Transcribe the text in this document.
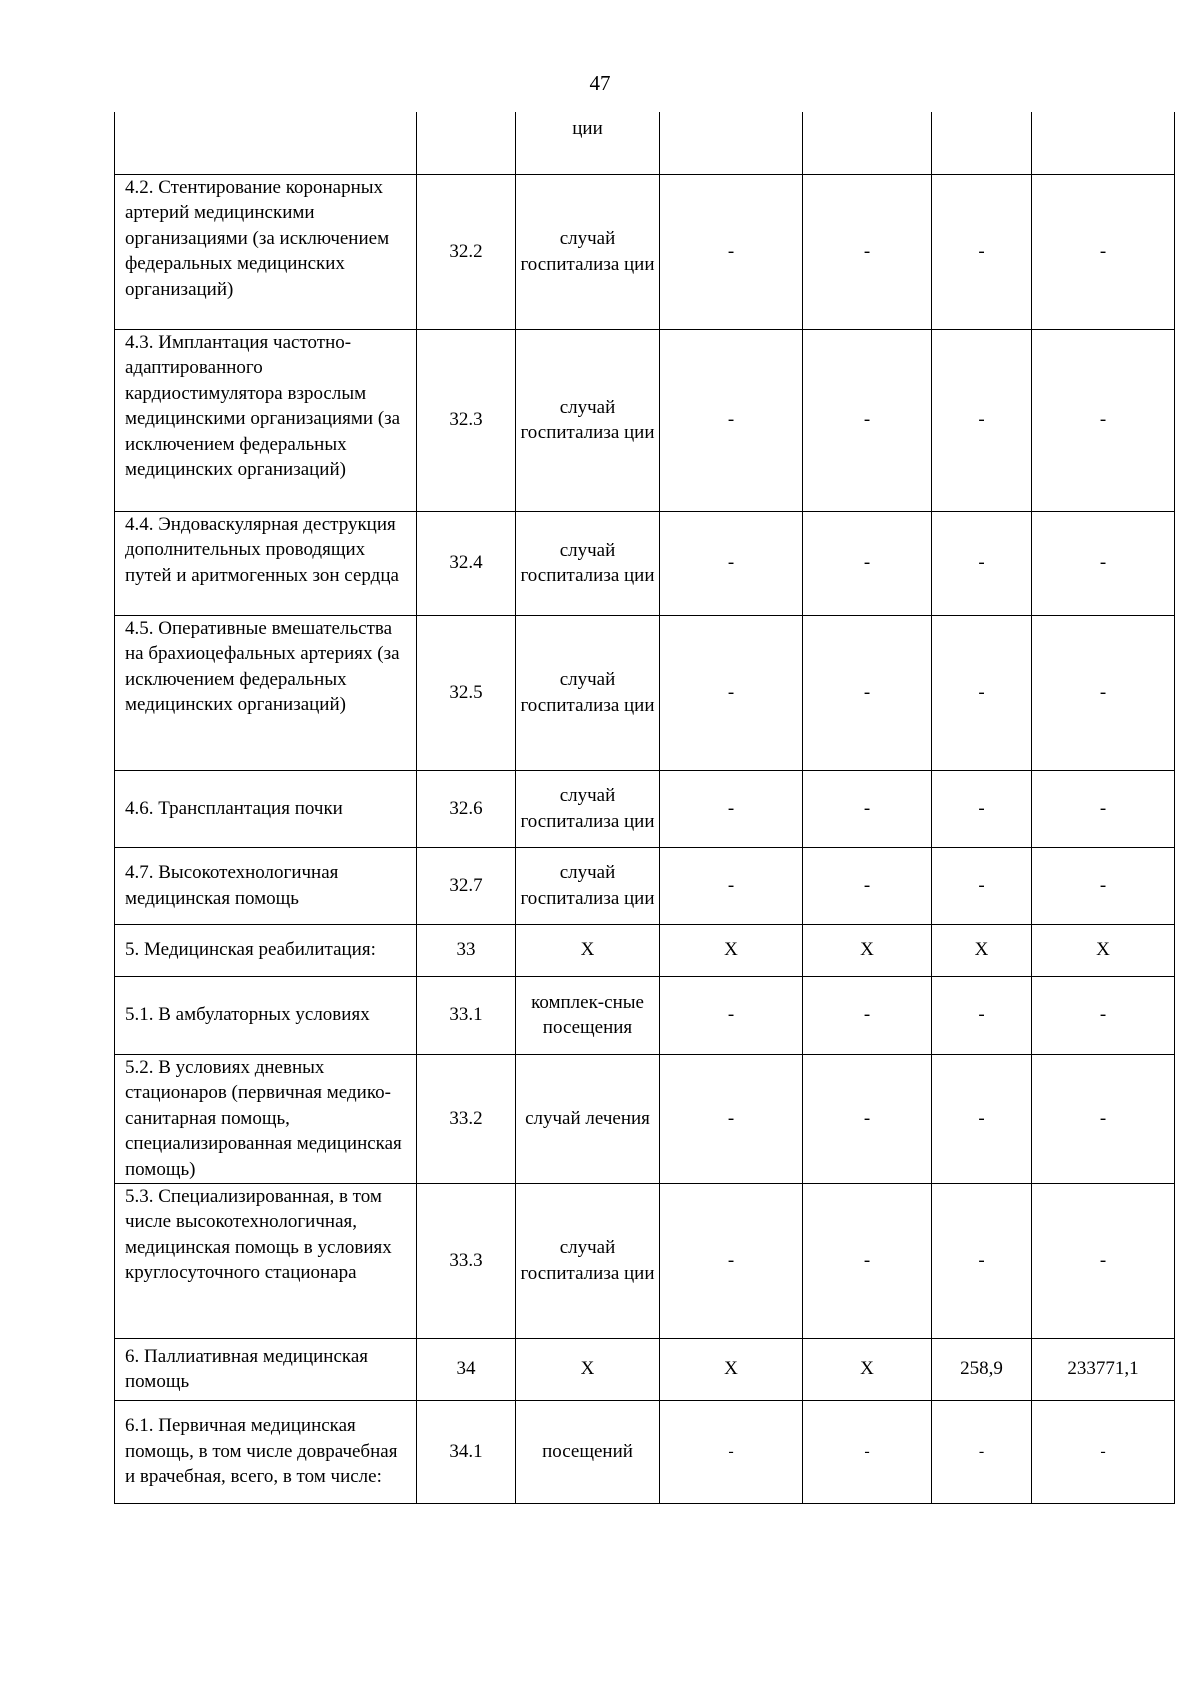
47
		ции				
4.2. Стентирование коронарных артерий медицинскими организациями (за исключением федеральных медицинских организаций)	32.2	случай госпитализа ции	-	-	-	-
4.3. Имплантация частотно-адаптированного кардиостимулятора взрослым медицинскими организациями (за исключением федеральных медицинских организаций)	32.3	случай госпитализа ции	-	-	-	-
4.4. Эндоваскулярная деструкция дополнительных проводящих путей и аритмогенных зон сердца	32.4	случай госпитализа ции	-	-	-	-
4.5. Оперативные вмешательства на брахиоцефальных артериях (за исключением федеральных медицинских организаций)	32.5	случай госпитализа ции	-	-	-	-
4.6. Трансплантация почки	32.6	случай госпитализа ции	-	-	-	-
4.7. Высокотехнологичная медицинская помощь	32.7	случай госпитализа ции	-	-	-	-
5. Медицинская реабилитация:	33	Х	Х	Х	Х	Х
5.1. В амбулаторных условиях	33.1	комплек-сные посещения	-	-	-	-
5.2. В условиях дневных стационаров (первичная медико-санитарная помощь, специализированная медицинская помощь)	33.2	случай лечения	-	-	-	-
5.3. Специализированная, в том числе высокотехнологичная, медицинская помощь в условиях круглосуточного стационара	33.3	случай госпитализа ции	-	-	-	-
6. Паллиативная медицинская помощь	34	Х	Х	Х	258,9	233771,1
6.1. Первичная медицинская помощь, в том числе доврачебная и врачебная, всего, в том числе:	34.1	посещений	-	-	-	-
